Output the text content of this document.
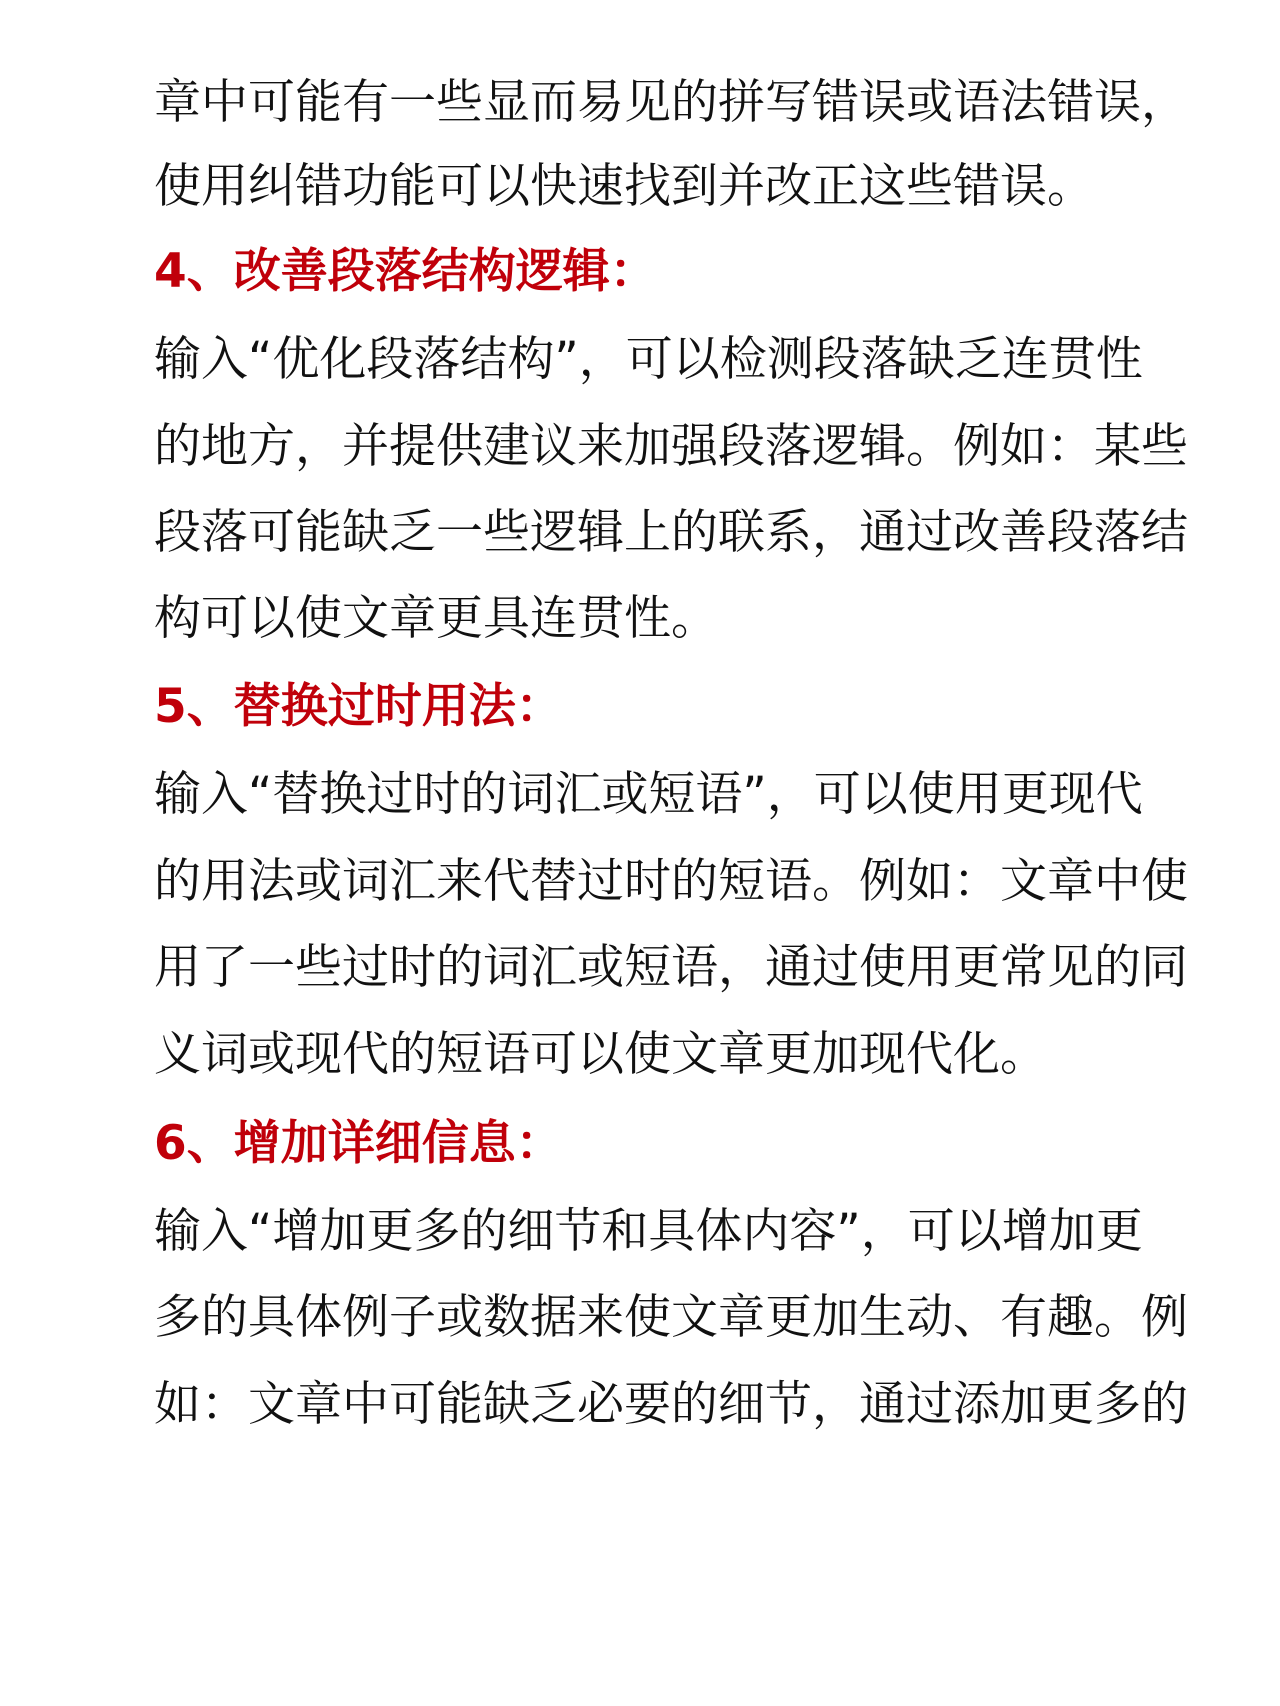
章中可能有一些显而易见的拼写错误或语法错误，
使用纠错功能可以快速找到并改正这些错误。
4、改善段落结构逻辑：
输入“优化段落结构”，可以检测段落缺乏连贯性
的地方，并提供建议来加强段落逻辑。例如：某些
段落可能缺乏一些逻辑上的联系，通过改善段落结
构可以使文章更具连贯性。
5、替换过时用法：
输入“替换过时的词汇或短语”，可以使用更现代
的用法或词汇来代替过时的短语。例如：文章中使
用了一些过时的词汇或短语，通过使用更常见的同
义词或现代的短语可以使文章更加现代化。
6、增加详细信息：
输入“增加更多的细节和具体内容”，可以增加更
多的具体例子或数据来使文章更加生动、有趣。例
如：文章中可能缺乏必要的细节，通过添加更多的
